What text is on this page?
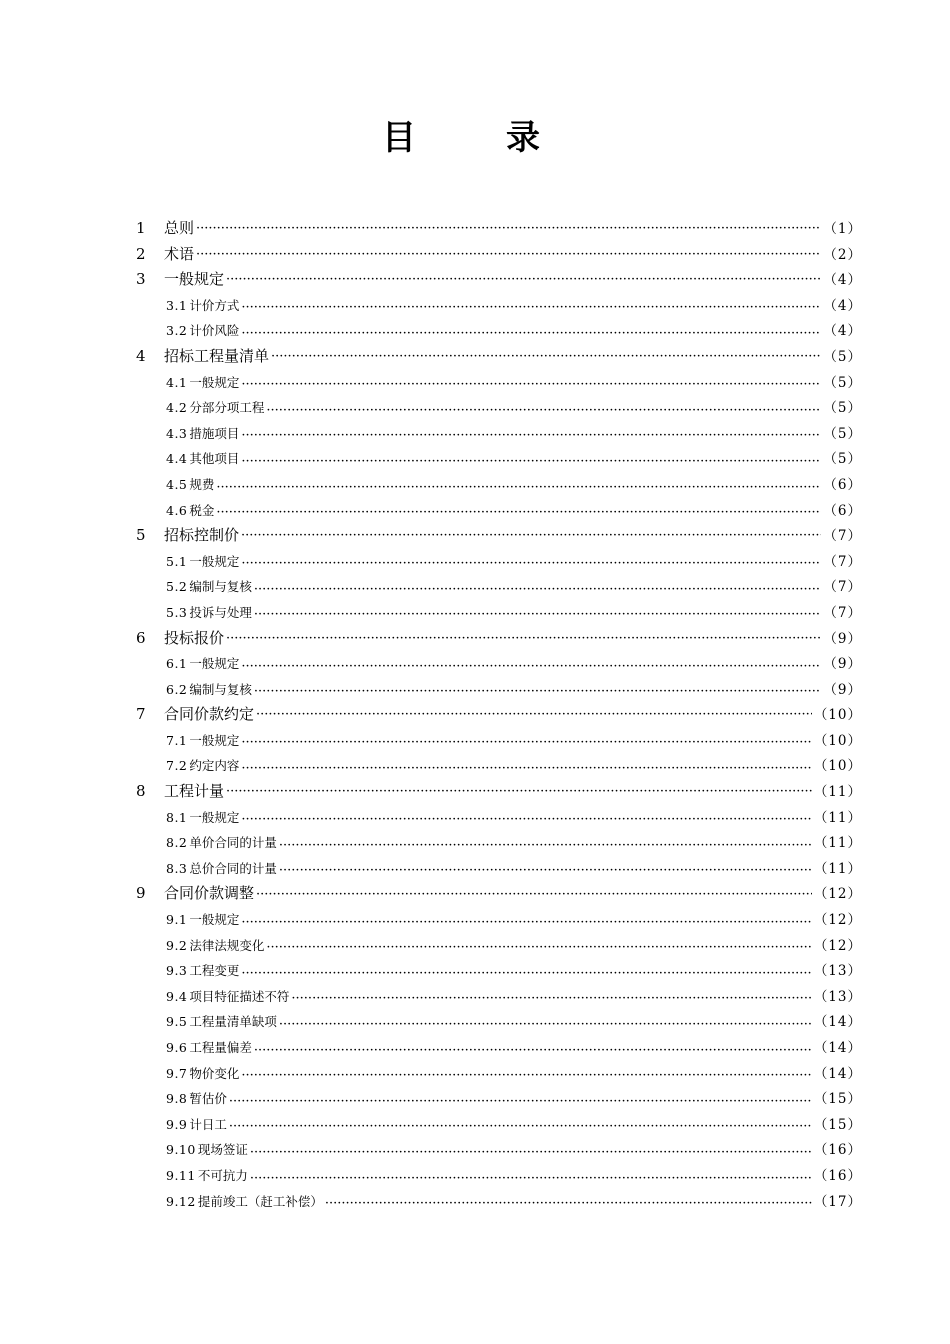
目　录
1	总则 ·····	（1）
2	术语 ·····	（2）
3	一般规定 ·····	（4）
3.1 计价方式 ·····	（4）
3.2 计价风险 ·····	（4）
4	招标工程量清单 ·····	（5）
4.1 一般规定 ·····	（5）
4.2 分部分项工程 ·····	（5）
4.3 措施项目 ·····	（5）
4.4 其他项目 ·····	（5）
4.5 规费 ·····	（6）
4.6 税金 ·····	（6）
5	招标控制价 ·····	（7）
5.1 一般规定 ·····	（7）
5.2 编制与复核 ·····	（7）
5.3 投诉与处理 ·····	（7）
6	投标报价 ·····	（9）
6.1 一般规定 ·····	（9）
6.2 编制与复核 ·····	（9）
7	合同价款约定 ·····	（10）
7.1 一般规定 ·····	（10）
7.2 约定内容 ·····	（10）
8	工程计量 ·····	（11）
8.1 一般规定 ·····	（11）
8.2 单价合同的计量 ·····	（11）
8.3 总价合同的计量 ·····	（11）
9	合同价款调整 ·····	（12）
9.1 一般规定 ·····	（12）
9.2 法律法规变化 ·····	（12）
9.3 工程变更 ·····	（13）
9.4 项目特征描述不符 ·····	（13）
9.5 工程量清单缺项 ·····	（14）
9.6 工程量偏差 ·····	（14）
9.7 物价变化 ·····	（14）
9.8 暂估价 ·····	（15）
9.9 计日工 ·····	（15）
9.10 现场签证 ·····	（16）
9.11 不可抗力 ·····	（16）
9.12 提前竣工（赶工补偿） ·····	（17）
